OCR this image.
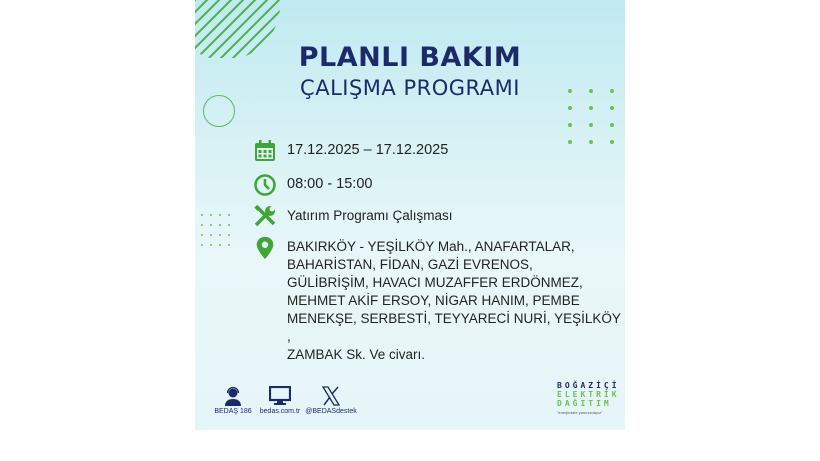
PLANLI BAKIM
ÇALIŞMA PROGRAMI
17.12.2025 – 17.12.2025
08:00 - 15:00
Yatırım Programı Çalışması
BAKIRKÖY - YEŞİLKÖY Mah., ANAFARTALAR,
BAHARİSTAN, FİDAN, GAZİ EVRENOS,
GÜLİBRİŞİM, HAVACI MUZAFFER ERDÖNMEZ,
MEHMET AKİF ERSOY, NİGAR HANIM, PEMBE
MENEKŞE, SERBESTİ, TEYYARECİ NURİ, YEŞİLKÖY ,
ZAMBAK Sk. Ve civarı.
BEDAŞ 186	bedas.com.tr @BEDASdestek
BOĞAZİÇİ
ELEKTRİK
DAĞITIM
"enerjimizle yanınızdayız"
